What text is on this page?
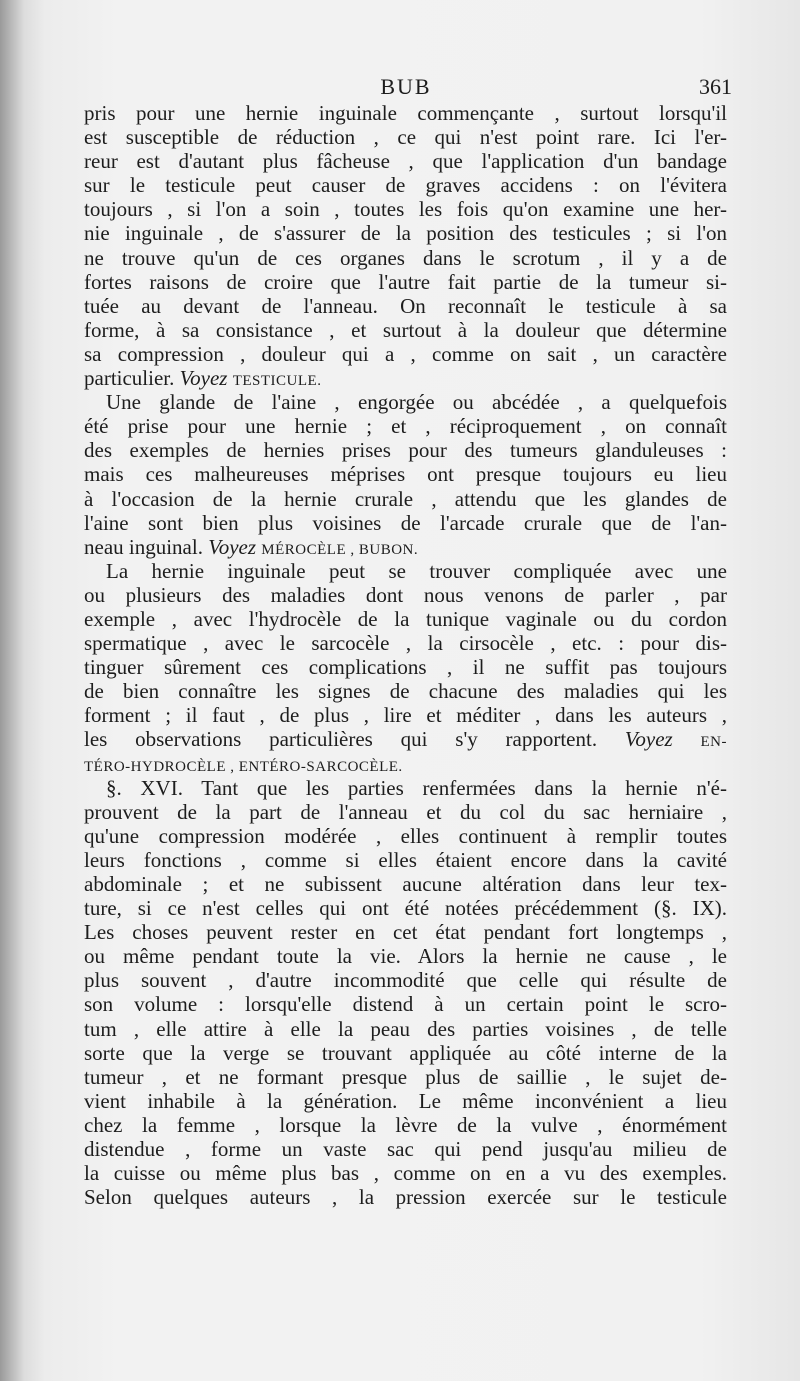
BUB	361
pris pour une hernie inguinale commençante , surtout lorsqu'il
est susceptible de réduction , ce qui n'est point rare. Ici l'er-
reur est d'autant plus fâcheuse , que l'application d'un bandage
sur le testicule peut causer de graves accidens : on l'évitera
toujours , si l'on a soin , toutes les fois qu'on examine une her-
nie inguinale , de s'assurer de la position des testicules ; si l'on
ne trouve qu'un de ces organes dans le scrotum , il y a de
fortes raisons de croire que l'autre fait partie de la tumeur si-
tuée au devant de l'anneau. On reconnaît le testicule à sa
forme, à sa consistance , et surtout à la douleur que détermine
sa compression , douleur qui a , comme on sait , un caractère
particulier. Voyez TESTICULE.
Une glande de l'aine , engorgée ou abcédée , a quelquefois
été prise pour une hernie ; et , réciproquement , on connaît
des exemples de hernies prises pour des tumeurs glanduleuses :
mais ces malheureuses méprises ont presque toujours eu lieu
à l'occasion de la hernie crurale , attendu que les glandes de
l'aine sont bien plus voisines de l'arcade crurale que de l'an-
neau inguinal. Voyez MÉROCÈLE , BUBON.
La hernie inguinale peut se trouver compliquée avec une
ou plusieurs des maladies dont nous venons de parler , par
exemple , avec l'hydrocèle de la tunique vaginale ou du cordon
spermatique , avec le sarcocèle , la cirsocèle , etc. : pour dis-
tinguer sûrement ces complications , il ne suffit pas toujours
de bien connaître les signes de chacune des maladies qui les
forment ; il faut , de plus , lire et méditer , dans les auteurs ,
les observations particulières qui s'y rapportent. Voyez EN-
TÉRO-HYDROCÈLE , ENTÉRO-SARCOCÈLE.
§. XVI. Tant que les parties renfermées dans la hernie n'é-
prouvent de la part de l'anneau et du col du sac herniaire ,
qu'une compression modérée , elles continuent à remplir toutes
leurs fonctions , comme si elles étaient encore dans la cavité
abdominale ; et ne subissent aucune altération dans leur tex-
ture, si ce n'est celles qui ont été notées précédemment (§. IX).
Les choses peuvent rester en cet état pendant fort longtemps ,
ou même pendant toute la vie. Alors la hernie ne cause , le
plus souvent , d'autre incommodité que celle qui résulte de
son volume : lorsqu'elle distend à un certain point le scro-
tum , elle attire à elle la peau des parties voisines , de telle
sorte que la verge se trouvant appliquée au côté interne de la
tumeur , et ne formant presque plus de saillie , le sujet de-
vient inhabile à la génération. Le même inconvénient a lieu
chez la femme , lorsque la lèvre de la vulve , énormément
distendue , forme un vaste sac qui pend jusqu'au milieu de
la cuisse ou même plus bas , comme on en a vu des exemples.
Selon quelques auteurs , la pression exercée sur le testicule
